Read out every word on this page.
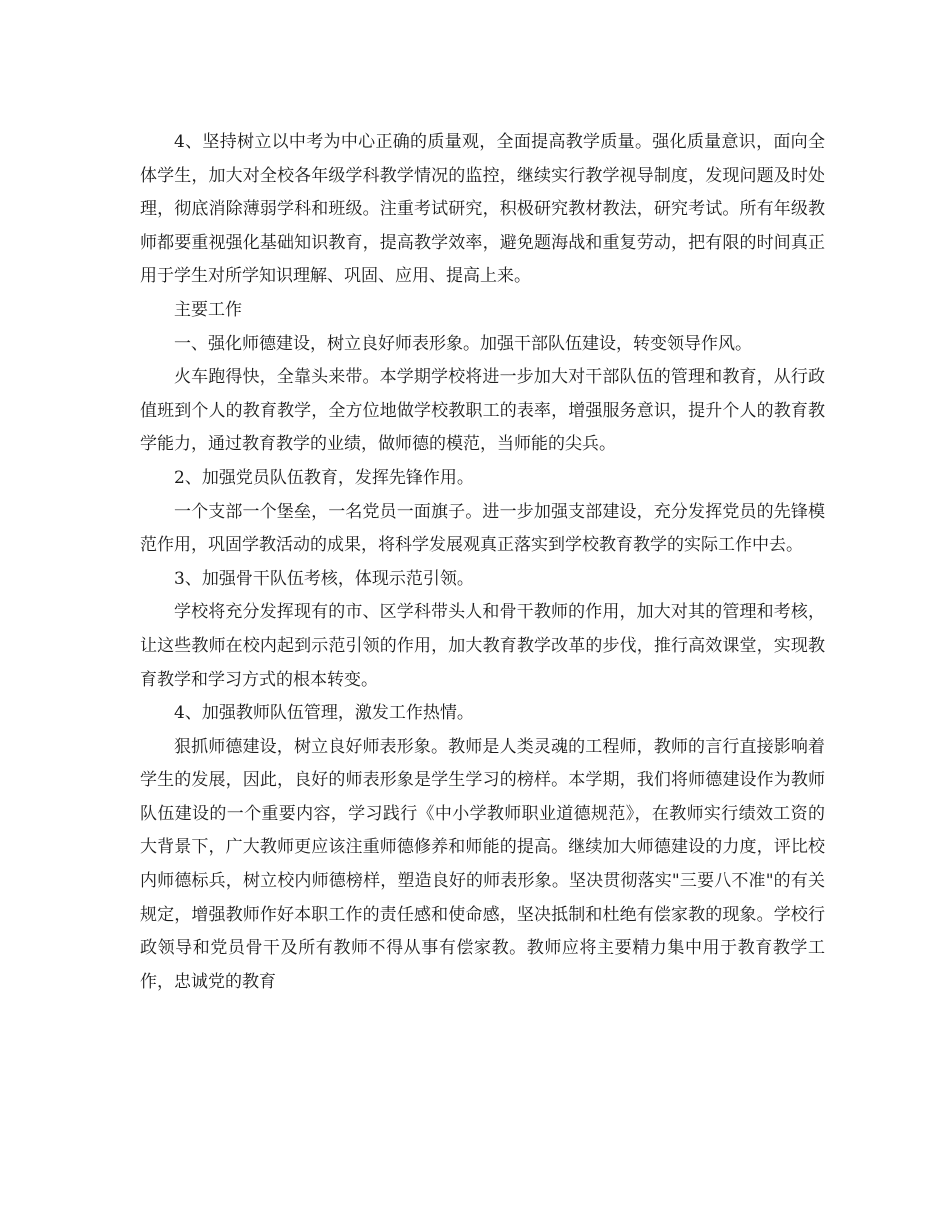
4、坚持树立以中考为中心正确的质量观，全面提高教学质量。强化质量意识，面向全体学生，加大对全校各年级学科教学情况的监控，继续实行教学视导制度，发现问题及时处理，彻底消除薄弱学科和班级。注重考试研究，积极研究教材教法，研究考试。所有年级教师都要重视强化基础知识教育，提高教学效率，避免题海战和重复劳动，把有限的时间真正用于学生对所学知识理解、巩固、应用、提高上来。

主要工作

一、强化师德建设，树立良好师表形象。加强干部队伍建设，转变领导作风。

火车跑得快，全靠头来带。本学期学校将进一步加大对干部队伍的管理和教育，从行政值班到个人的教育教学，全方位地做学校教职工的表率，增强服务意识，提升个人的教育教学能力，通过教育教学的业绩，做师德的模范，当师能的尖兵。

2、加强党员队伍教育，发挥先锋作用。

一个支部一个堡垒，一名党员一面旗子。进一步加强支部建设，充分发挥党员的先锋模范作用，巩固学教活动的成果，将科学发展观真正落实到学校教育教学的实际工作中去。

3、加强骨干队伍考核，体现示范引领。

学校将充分发挥现有的市、区学科带头人和骨干教师的作用，加大对其的管理和考核，让这些教师在校内起到示范引领的作用，加大教育教学改革的步伐，推行高效课堂，实现教育教学和学习方式的根本转变。

4、加强教师队伍管理，激发工作热情。

狠抓师德建设，树立良好师表形象。教师是人类灵魂的工程师，教师的言行直接影响着学生的发展，因此，良好的师表形象是学生学习的榜样。本学期，我们将师德建设作为教师队伍建设的一个重要内容，学习践行《中小学教师职业道德规范》，在教师实行绩效工资的大背景下，广大教师更应该注重师德修养和师能的提高。继续加大师德建设的力度，评比校内师德标兵，树立校内师德榜样，塑造良好的师表形象。坚决贯彻落实"三要八不准"的有关规定，增强教师作好本职工作的责任感和使命感，坚决抵制和杜绝有偿家教的现象。学校行政领导和党员骨干及所有教师不得从事有偿家教。教师应将主要精力集中用于教育教学工作，忠诚党的教育
